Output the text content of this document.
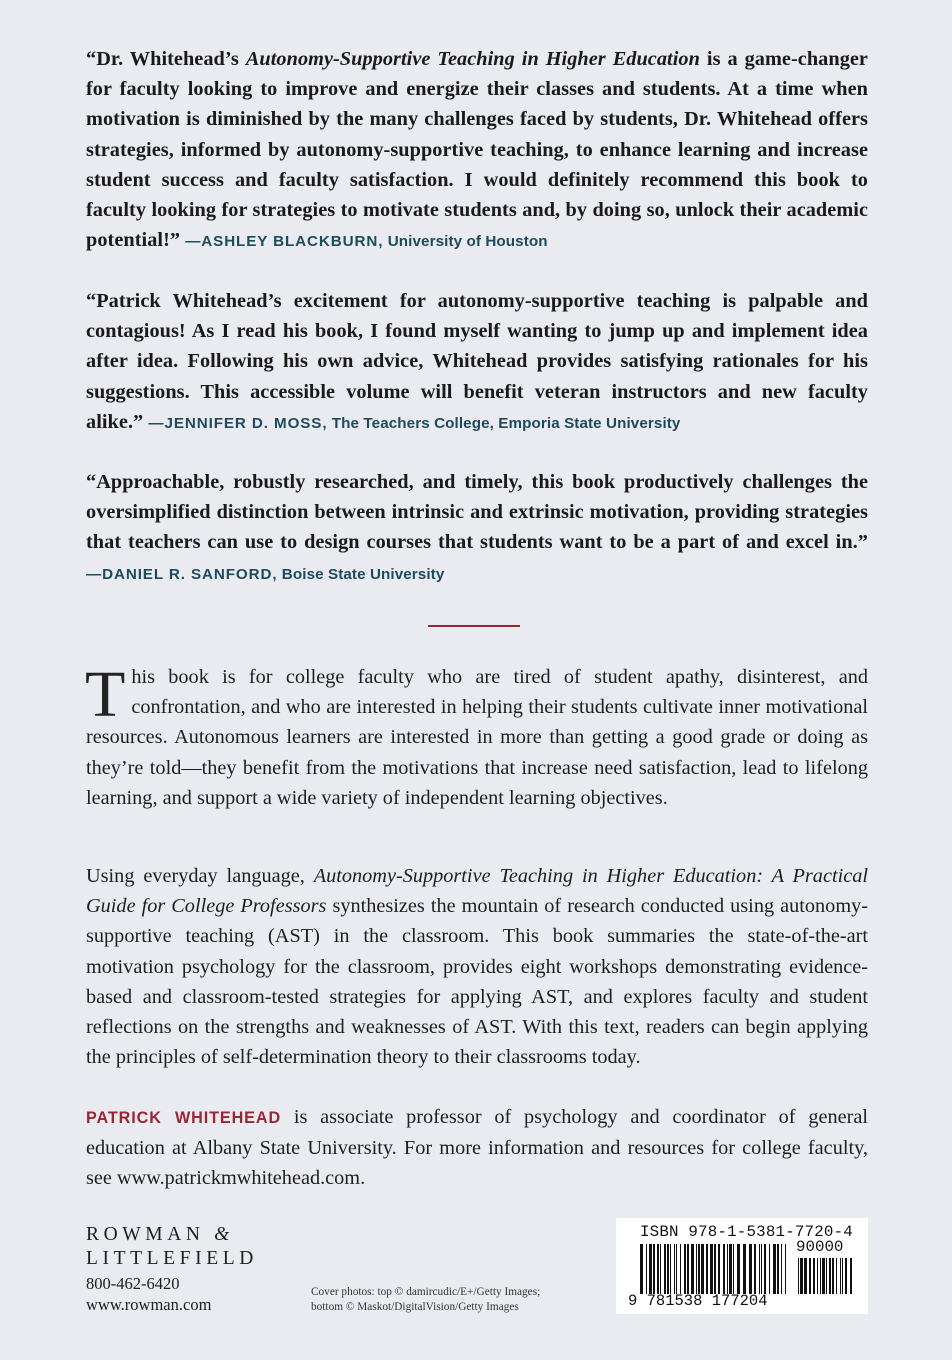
“Dr. Whitehead’s Autonomy-Supportive Teaching in Higher Education is a game-changer for faculty looking to improve and energize their classes and students. At a time when motivation is diminished by the many challenges faced by students, Dr. Whitehead offers strategies, informed by autonomy-supportive teaching, to enhance learning and increase student success and faculty satisfaction. I would definitely recommend this book to faculty looking for strategies to motivate students and, by doing so, unlock their academic potential!” —ASHLEY BLACKBURN, University of Houston

“Patrick Whitehead’s excitement for autonomy-supportive teaching is palpable and contagious! As I read his book, I found myself wanting to jump up and implement idea after idea. Following his own advice, Whitehead provides satisfying rationales for his suggestions. This accessible volume will benefit veteran instructors and new faculty alike.” —JENNIFER D. MOSS, The Teachers College, Emporia State University

“Approachable, robustly researched, and timely, this book productively challenges the oversimplified distinction between intrinsic and extrinsic motivation, providing strategies that teachers can use to design courses that students want to be a part of and excel in.” —DANIEL R. SANFORD, Boise State University

This book is for college faculty who are tired of student apathy, disinterest, and confrontation, and who are interested in helping their students cultivate inner motivational resources. Autonomous learners are interested in more than getting a good grade or doing as they’re told—they benefit from the motivations that increase need satisfaction, lead to lifelong learning, and support a wide variety of independent learning objectives.

Using everyday language, Autonomy-Supportive Teaching in Higher Education: A Practical Guide for College Professors synthesizes the mountain of research conducted using autonomy-supportive teaching (AST) in the classroom. This book summaries the state-of-the-art motivation psychology for the classroom, provides eight workshops demonstrating evidence-based and classroom-tested strategies for applying AST, and explores faculty and student reflections on the strengths and weaknesses of AST. With this text, readers can begin applying the principles of self-determination theory to their classrooms today.

PATRICK WHITEHEAD is associate professor of psychology and coordinator of general education at Albany State University. For more information and resources for college faculty, see www.patrickmwhitehead.com.

ROWMAN &
LITTLEFIELD
800-462-6420
www.rowman.com
Cover photos: top © damircudic/E+/Getty Images;
bottom © Maskot/DigitalVision/Getty Images
ISBN 978-1-5381-7720-4
90000
9 781538 177204
